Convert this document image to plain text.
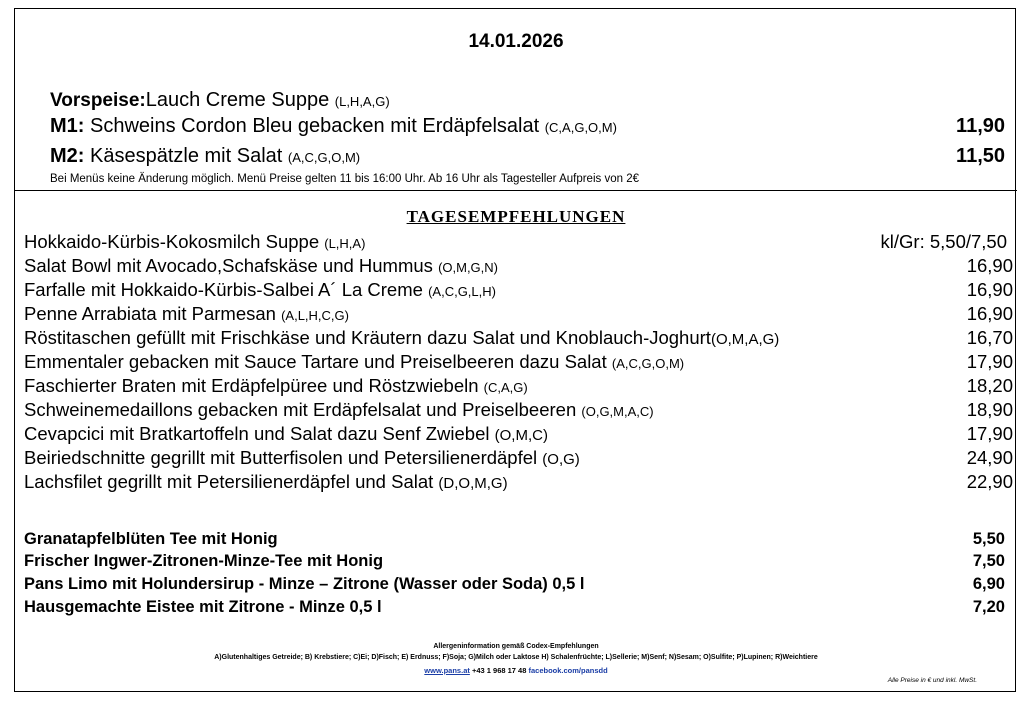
14.01.2026
Vorspeise:Lauch Creme Suppe (L,H,A,G)
M1: Schweins Cordon Bleu gebacken mit Erdäpfelsalat (C,A,G,O,M)	11,90
M2: Käsespätzle mit Salat (A,C,G,O,M)	11,50
Bei Menüs keine Änderung möglich. Menü Preise gelten 11 bis 16:00 Uhr. Ab 16 Uhr als Tagesteller Aufpreis von 2€
TAGESEMPFEHLUNGEN
Hokkaido-Kürbis-Kokosmilch Suppe (L,H,A)	kl/Gr: 5,50/7,50
Salat Bowl mit Avocado,Schafskäse und Hummus (O,M,G,N)	16,90
Farfalle mit Hokkaido-Kürbis-Salbei A´ La Creme (A,C,G,L,H)	16,90
Penne Arrabiata mit Parmesan (A,L,H,C,G)	16,90
Röstitaschen gefüllt mit Frischkäse und Kräutern dazu Salat und Knoblauch-Joghurt(O,M,A,G)	16,70
Emmentaler gebacken mit Sauce Tartare und Preiselbeeren dazu Salat (A,C,G,O,M)	17,90
Faschierter Braten mit Erdäpfelpüree und Röstzwiebeln (C,A,G)	18,20
Schweinemedaillons gebacken mit Erdäpfelsalat und Preiselbeeren (O,G,M,A,C)	18,90
Cevapcici mit Bratkartoffeln und Salat dazu Senf Zwiebel (O,M,C)	17,90
Beiriedschnitte gegrillt mit Butterfisolen und Petersilienerdäpfel (O,G)	24,90
Lachsfilet gegrillt mit Petersilienerdäpfel und Salat (D,O,M,G)	22,90
Granatapfelblüten Tee mit Honig	5,50
Frischer Ingwer-Zitronen-Minze-Tee mit Honig	7,50
Pans Limo mit Holundersirup - Minze – Zitrone (Wasser oder Soda) 0,5 l	6,90
Hausgemachte Eistee mit Zitrone - Minze 0,5 l	7,20
Allergeninformation gemäß Codex-Empfehlungen
A)Glutenhaltiges Getreide; B) Krebstiere; C)Ei; D)Fisch; E) Erdnuss; F)Soja; G)Milch oder Laktose H) Schalenfrüchte; L)Sellerie; M)Senf; N)Sesam; O)Sulfite; P)Lupinen; R)Weichtiere
www.pans.at +43 1 968 17 48 facebook.com/pansdd
Alle Preise in € und inkl. MwSt.
